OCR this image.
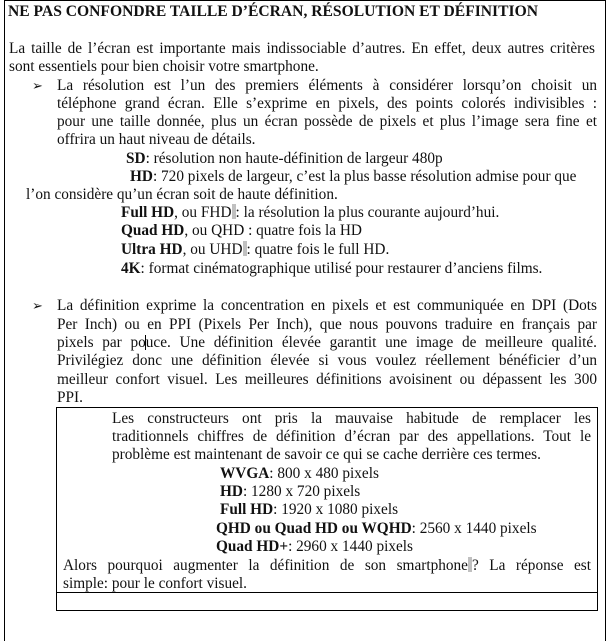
NE PAS CONFONDRE TAILLE D’ÉCRAN, RÉSOLUTION ET DÉFINITION
La taille de l’écran est importante mais indissociable d’autres. En effet, deux autres critères
sont essentiels pour bien choisir votre smartphone.
➢ La résolution est l’un des premiers éléments à considérer lorsqu’on choisit un
téléphone grand écran. Elle s’exprime en pixels, des points colorés indivisibles :
pour une taille donnée, plus un écran possède de pixels et plus l’image sera fine et
offrira un haut niveau de détails.
SD: résolution non haute-définition de largeur 480p
HD: 720 pixels de largeur, c’est la plus basse résolution admise pour que
l’on considère qu’un écran soit de haute définition.
Full HD, ou FHD : la résolution la plus courante aujourd’hui.
Quad HD, ou QHD : quatre fois la HD
Ultra HD, ou UHD : quatre fois le full HD.
4K: format cinématographique utilisé pour restaurer d’anciens films.
➢ La définition exprime la concentration en pixels et est communiquée en DPI (Dots
Per Inch) ou en PPI (Pixels Per Inch), que nous pouvons traduire en français par
pixels par pouce. Une définition élevée garantit une image de meilleure qualité.
Privilégiez donc une définition élevée si vous voulez réellement bénéficier d’un
meilleur confort visuel. Les meilleures définitions avoisinent ou dépassent les 300
PPI.
Les constructeurs ont pris la mauvaise habitude de remplacer les
traditionnels chiffres de définition d’écran par des appellations. Tout le
problème est maintenant de savoir ce qui se cache derrière ces termes.
WVGA: 800 x 480 pixels
HD: 1280 x 720 pixels
Full HD: 1920 x 1080 pixels
QHD ou Quad HD ou WQHD: 2560 x 1440 pixels
Quad HD+: 2960 x 1440 pixels
Alors pourquoi augmenter la définition de son smartphone ? La réponse est
simple: pour le confort visuel.
